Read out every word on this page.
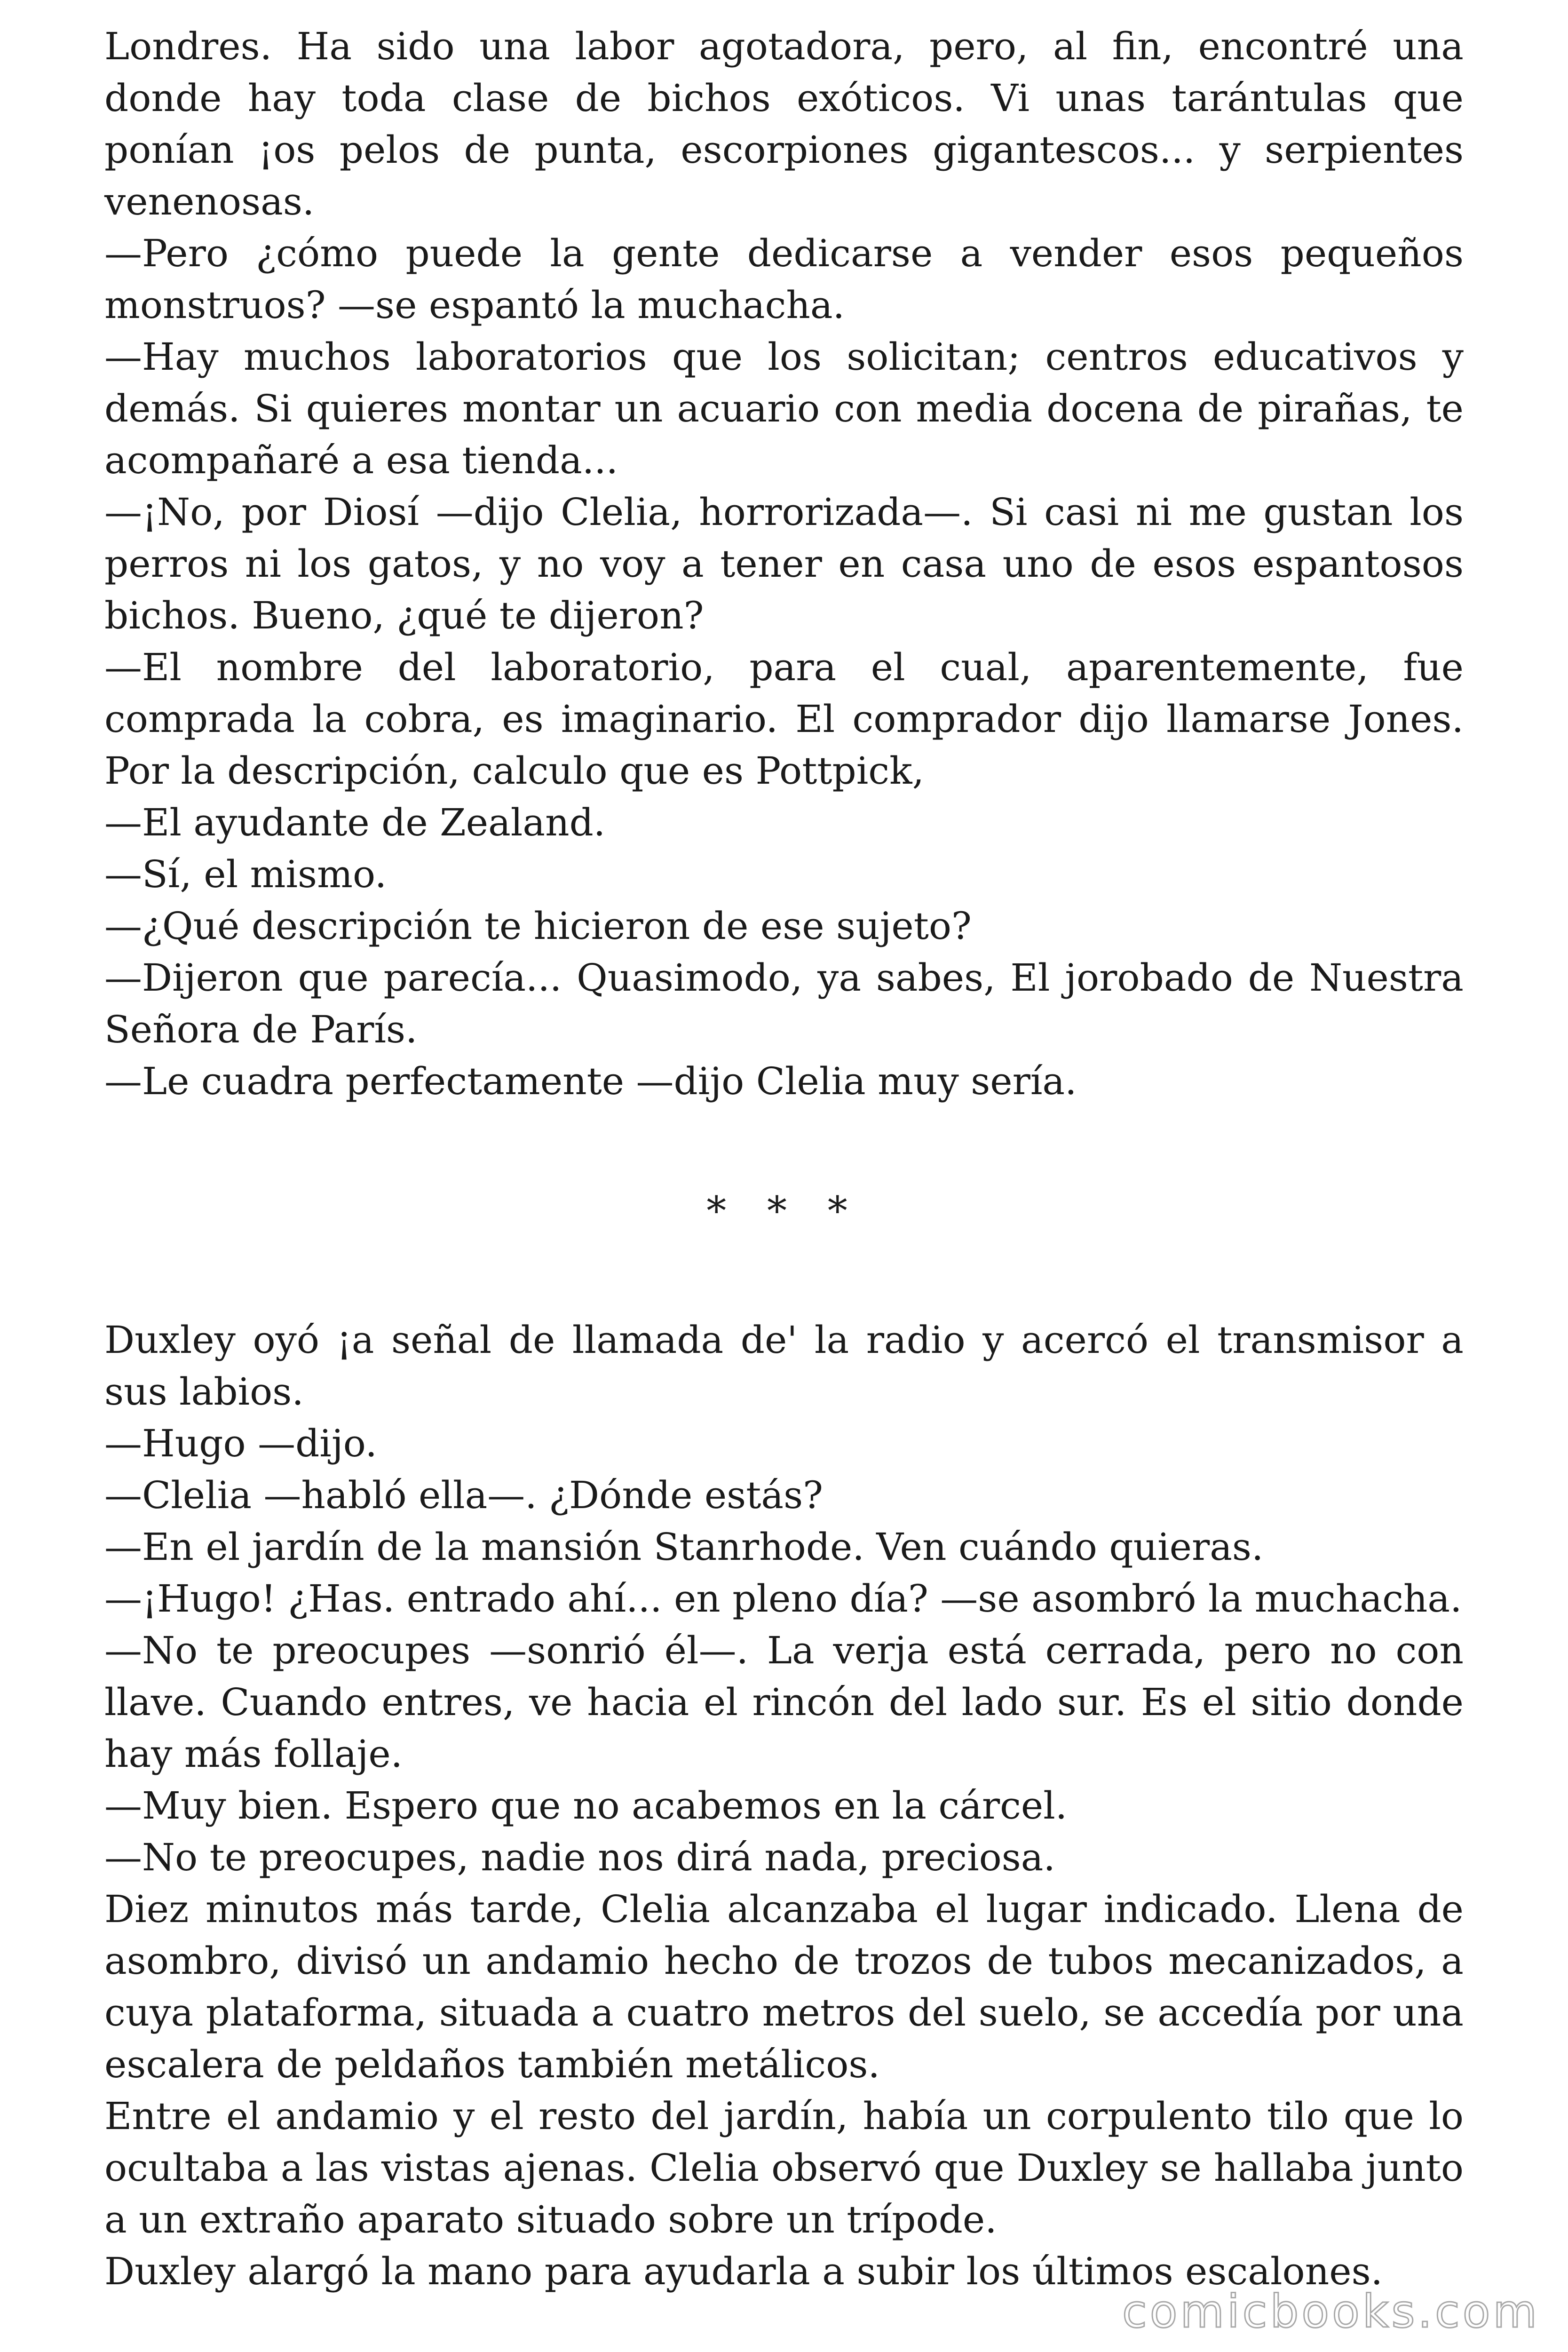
Londres. Ha sido una labor agotadora, pero, al fin, encontré una donde hay toda clase de bichos exóticos. Vi unas tarántulas que ponían ¡os pelos de punta, escorpiones gigantescos... y serpientes venenosas.

—Pero ¿cómo puede la gente dedicarse a vender esos pequeños monstruos? —se espantó la muchacha.

—Hay muchos laboratorios que los solicitan; centros educativos y demás. Si quieres montar un acuario con media docena de pirañas, te acompañaré a esa tienda...

—¡No, por Diosí —dijo Clelia, horrorizada—. Si casi ni me gustan los perros ni los gatos, y no voy a tener en casa uno de esos espantosos bichos. Bueno, ¿qué te dijeron?

—El nombre del laboratorio, para el cual, aparentemente, fue comprada la cobra, es imaginario. El comprador dijo llamarse Jones. Por la descripción, calculo que es Pottpick,

—El ayudante de Zealand.

—Sí, el mismo.

—¿Qué descripción te hicieron de ese sujeto?

—Dijeron que parecía... Quasimodo, ya sabes, El jorobado de Nuestra Señora de París.

—Le cuadra perfectamente —dijo Clelia muy sería.

* * *

Duxley oyó ¡a señal de llamada de' la radio y acercó el transmisor a sus labios.

—Hugo —dijo.

—Clelia —habló ella—. ¿Dónde estás?

—En el jardín de la mansión Stanrhode. Ven cuándo quieras.

—¡Hugo! ¿Has. entrado ahí... en pleno día? —se asombró la muchacha.

—No te preocupes —sonrió él—. La verja está cerrada, pero no con llave. Cuando entres, ve hacia el rincón del lado sur. Es el sitio donde hay más follaje.

—Muy bien. Espero que no acabemos en la cárcel.

—No te preocupes, nadie nos dirá nada, preciosa.

Diez minutos más tarde, Clelia alcanzaba el lugar indicado. Llena de asombro, divisó un andamio hecho de trozos de tubos mecanizados, a cuya plataforma, situada a cuatro metros del suelo, se accedía por una escalera de peldaños también metálicos.

Entre el andamio y el resto del jardín, había un corpulento tilo que lo ocultaba a las vistas ajenas. Clelia observó que Duxley se hallaba junto a un extraño aparato situado sobre un trípode.

Duxley alargó la mano para ayudarla a subir los últimos escalones.

comicbooks.com
